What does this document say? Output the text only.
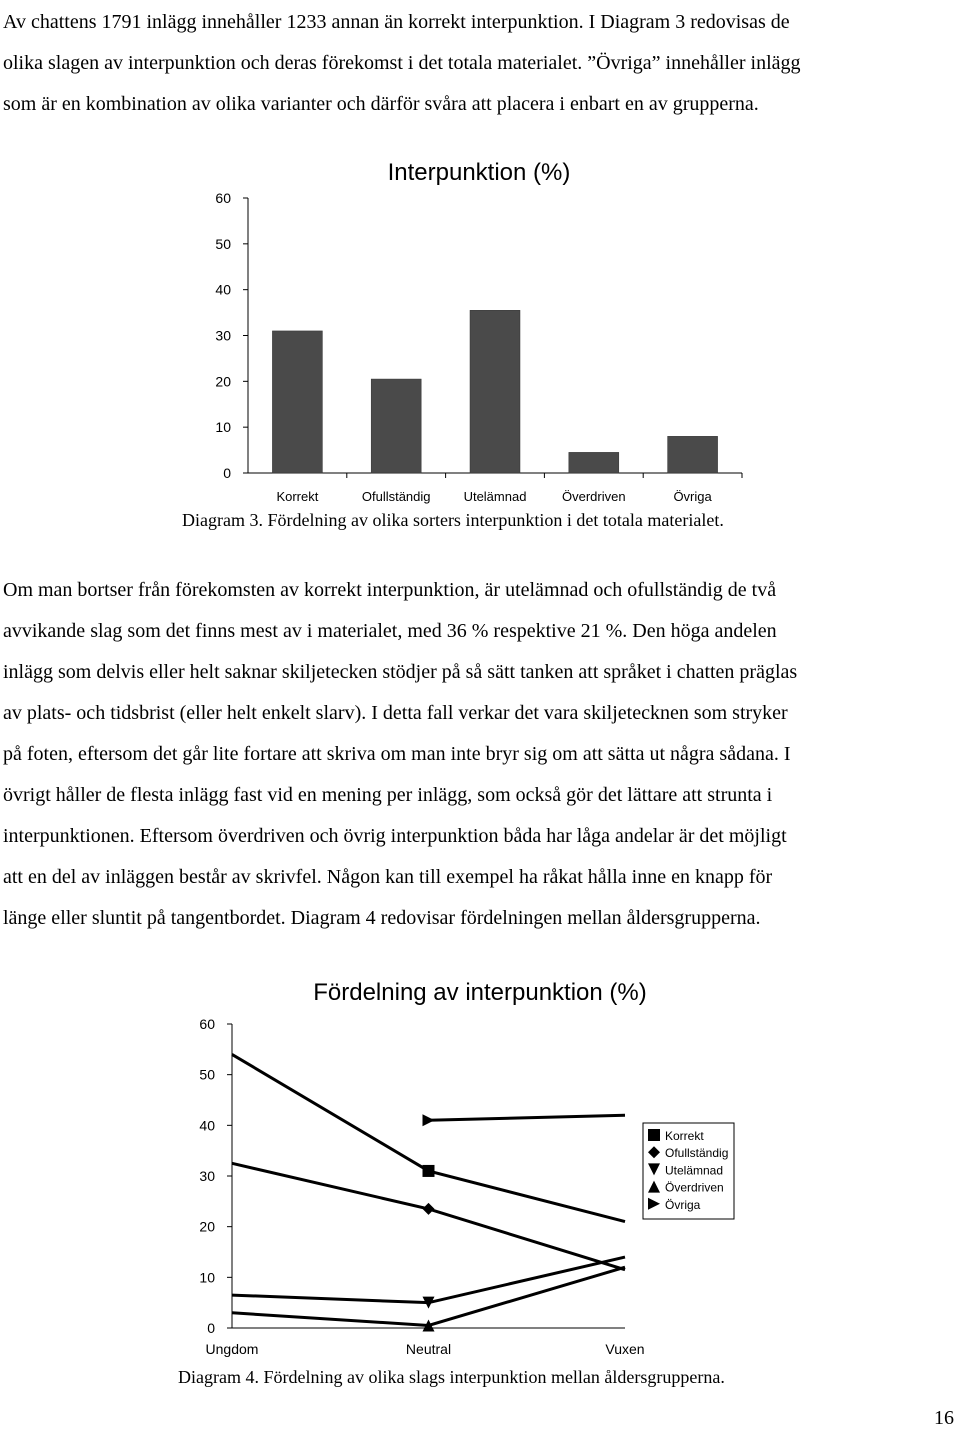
Av chattens 1791 inlägg innehåller 1233 annan än korrekt interpunktion. I Diagram 3 redovisas de
olika slagen av interpunktion och deras förekomst i det totala materialet. ”Övriga” innehåller inlägg
som är en kombination av olika varianter och därför svåra att placera i enbart en av grupperna.
Interpunktion (%)
0
10
20
30
40
50
60
Korrekt	Ofullständig	Utelämnad	Överdriven	Övriga
Diagram 3. Fördelning av olika sorters interpunktion i det totala materialet.
Om man bortser från förekomsten av korrekt interpunktion, är utelämnad och ofullständig de två
avvikande slag som det finns mest av i materialet, med 36 % respektive 21 %. Den höga andelen
inlägg som delvis eller helt saknar skiljetecken stödjer på så sätt tanken att språket i chatten präglas
av plats- och tidsbrist (eller helt enkelt slarv). I detta fall verkar det vara skiljetecknen som stryker
på foten, eftersom det går lite fortare att skriva om man inte bryr sig om att sätta ut några sådana. I
övrigt håller de flesta inlägg fast vid en mening per inlägg, som också gör det lättare att strunta i
interpunktionen. Eftersom överdriven och övrig interpunktion båda har låga andelar är det möjligt
att en del av inläggen består av skrivfel. Någon kan till exempel ha råkat hålla inne en knapp för
länge eller sluntit på tangentbordet. Diagram 4 redovisar fördelningen mellan åldersgrupperna.
Fördelning av interpunktion (%)
0
10
20
30
40
50
60
Ungdom	Neutral	Vuxen
Korrekt
Ofullständig
Utelämnad
Överdriven
Övriga
Diagram 4. Fördelning av olika slags interpunktion mellan åldersgrupperna.
16
